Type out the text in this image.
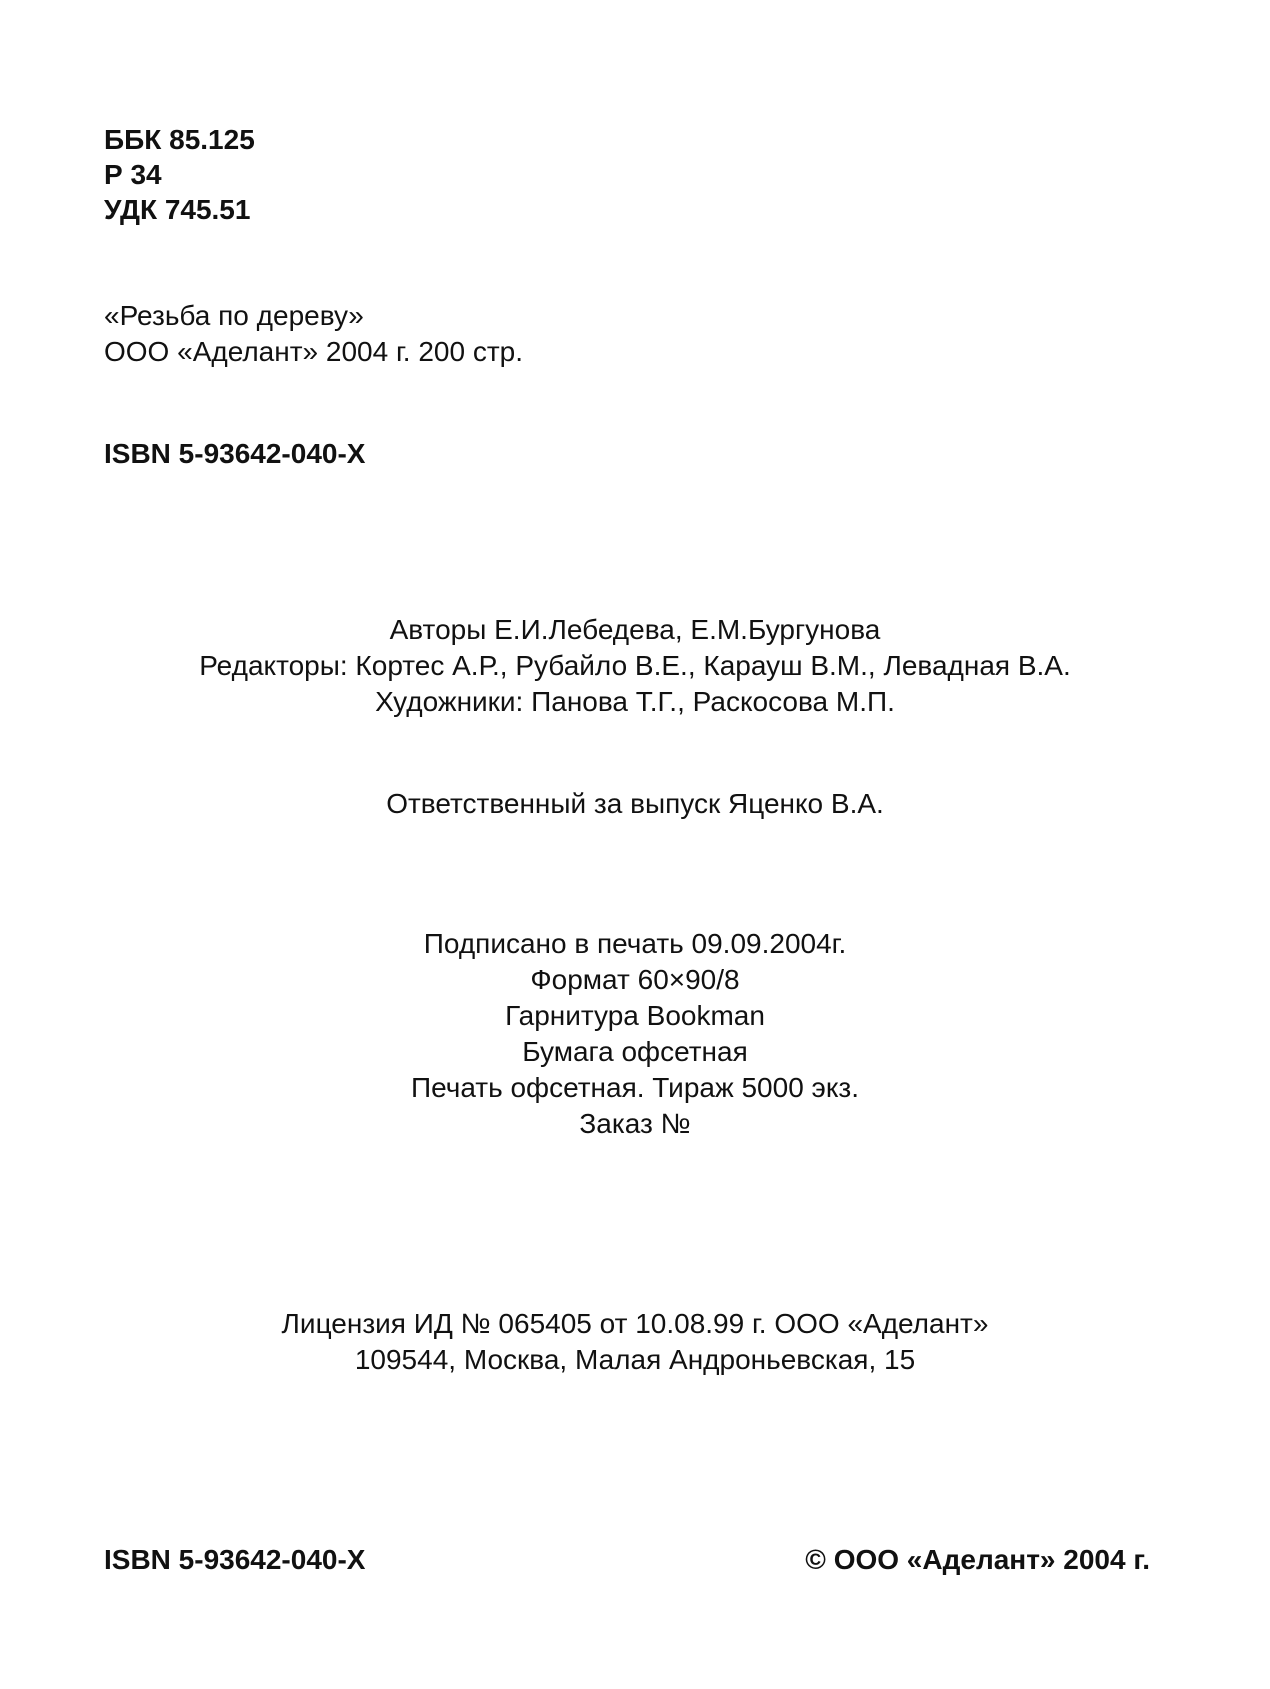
ББК 85.125
Р 34
УДК 745.51
«Резьба по дереву»
ООО «Аделант» 2004 г. 200 стр.
ISBN 5-93642-040-X
Авторы Е.И.Лебедева, Е.М.Бургунова
Редакторы: Кортес А.Р., Рубайло В.Е., Карауш В.М., Левадная В.А.
Художники: Панова Т.Г., Раскосова М.П.
Ответственный за выпуск Яценко В.А.
Подписано в печать 09.09.2004г.
Формат 60×90/8
Гарнитура Bookman
Бумага офсетная
Печать офсетная. Тираж 5000 экз.
Заказ №
Лицензия ИД № 065405 от 10.08.99 г. ООО «Аделант»
109544, Москва, Малая Андроньевская, 15
ISBN 5-93642-040-X	© ООО «Аделант» 2004 г.
